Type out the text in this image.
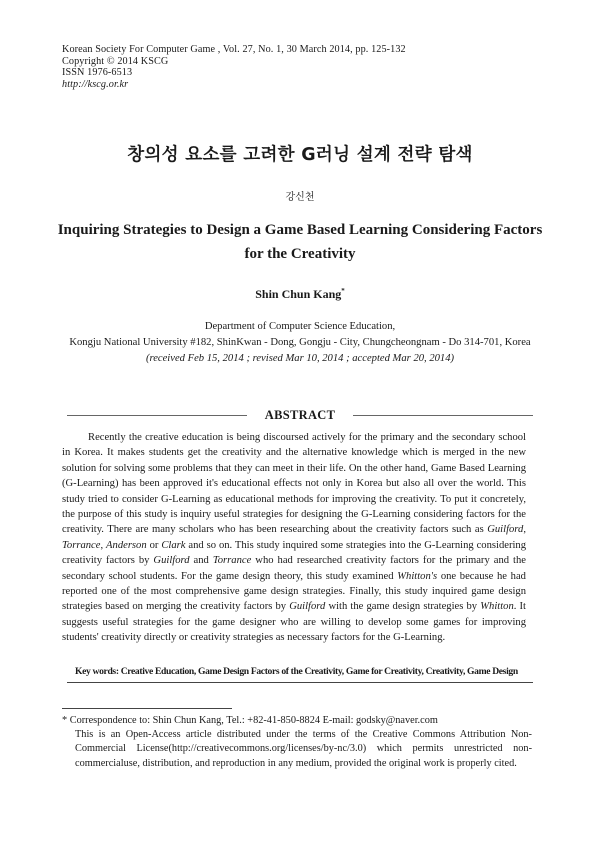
Korean Society For Computer Game , Vol. 27, No. 1, 30 March 2014, pp. 125-132
Copyright © 2014 KSCG
ISSN 1976-6513
http://kscg.or.kr
창의성 요소를 고려한 G러닝 설계 전략 탐색
강신천
Inquiring Strategies to Design a Game Based Learning Considering Factors for the Creativity
Shin Chun Kang*
Department of Computer Science Education,
Kongju National University #182, ShinKwan - Dong, Gongju - City, Chungcheongnam - Do 314-701, Korea
(received Feb 15, 2014 ; revised Mar 10, 2014 ; accepted Mar 20, 2014)
ABSTRACT

Recently the creative education is being discoursed actively for the primary and the secondary school in Korea. It makes students get the creativity and the alternative knowledge which is merged in the new solution for solving some problems that they can meet in their life. On the other hand, Game Based Learning (G-Learning) has been approved it's educational effects not only in Korea but also all over the world. This study tried to consider G-Learning as educational methods for improving the creativity. To put it concretely, the purpose of this study is inquiry useful strategies for designing the G-Learning considering factors for the creativity. There are many scholars who has been researching about the creativity factors such as Guilford, Torrance, Anderson or Clark and so on. This study inquired some strategies into the G-Learning considering creativity factors by Guilford and Torrance who had researched creativity factors for the primary and the secondary school students. For the game design theory, this study examined Whitton's one because he had reported one of the most comprehensive game design strategies. Finally, this study inquired game design strategies based on merging the creativity factors by Guilford with the game design strategies by Whitton. It suggests useful strategies for the game designer who are willing to develop some games for improving students' creativity directly or creativity strategies as necessary factors for the G-Learning.

Key words: Creative Education, Game Design Factors of the Creativity, Game for Creativity, Creativity, Game Design

* Correspondence to: Shin Chun Kang, Tel.: +82-41-850-8824 E-mail: godsky@naver.com

This is an Open-Access article distributed under the terms of the Creative Commons Attribution Non-Commercial License(http://creativecommons.org/licenses/by-nc/3.0) which permits unrestricted non-commercialuse, distribution, and reproduction in any medium, provided the original work is properly cited.
